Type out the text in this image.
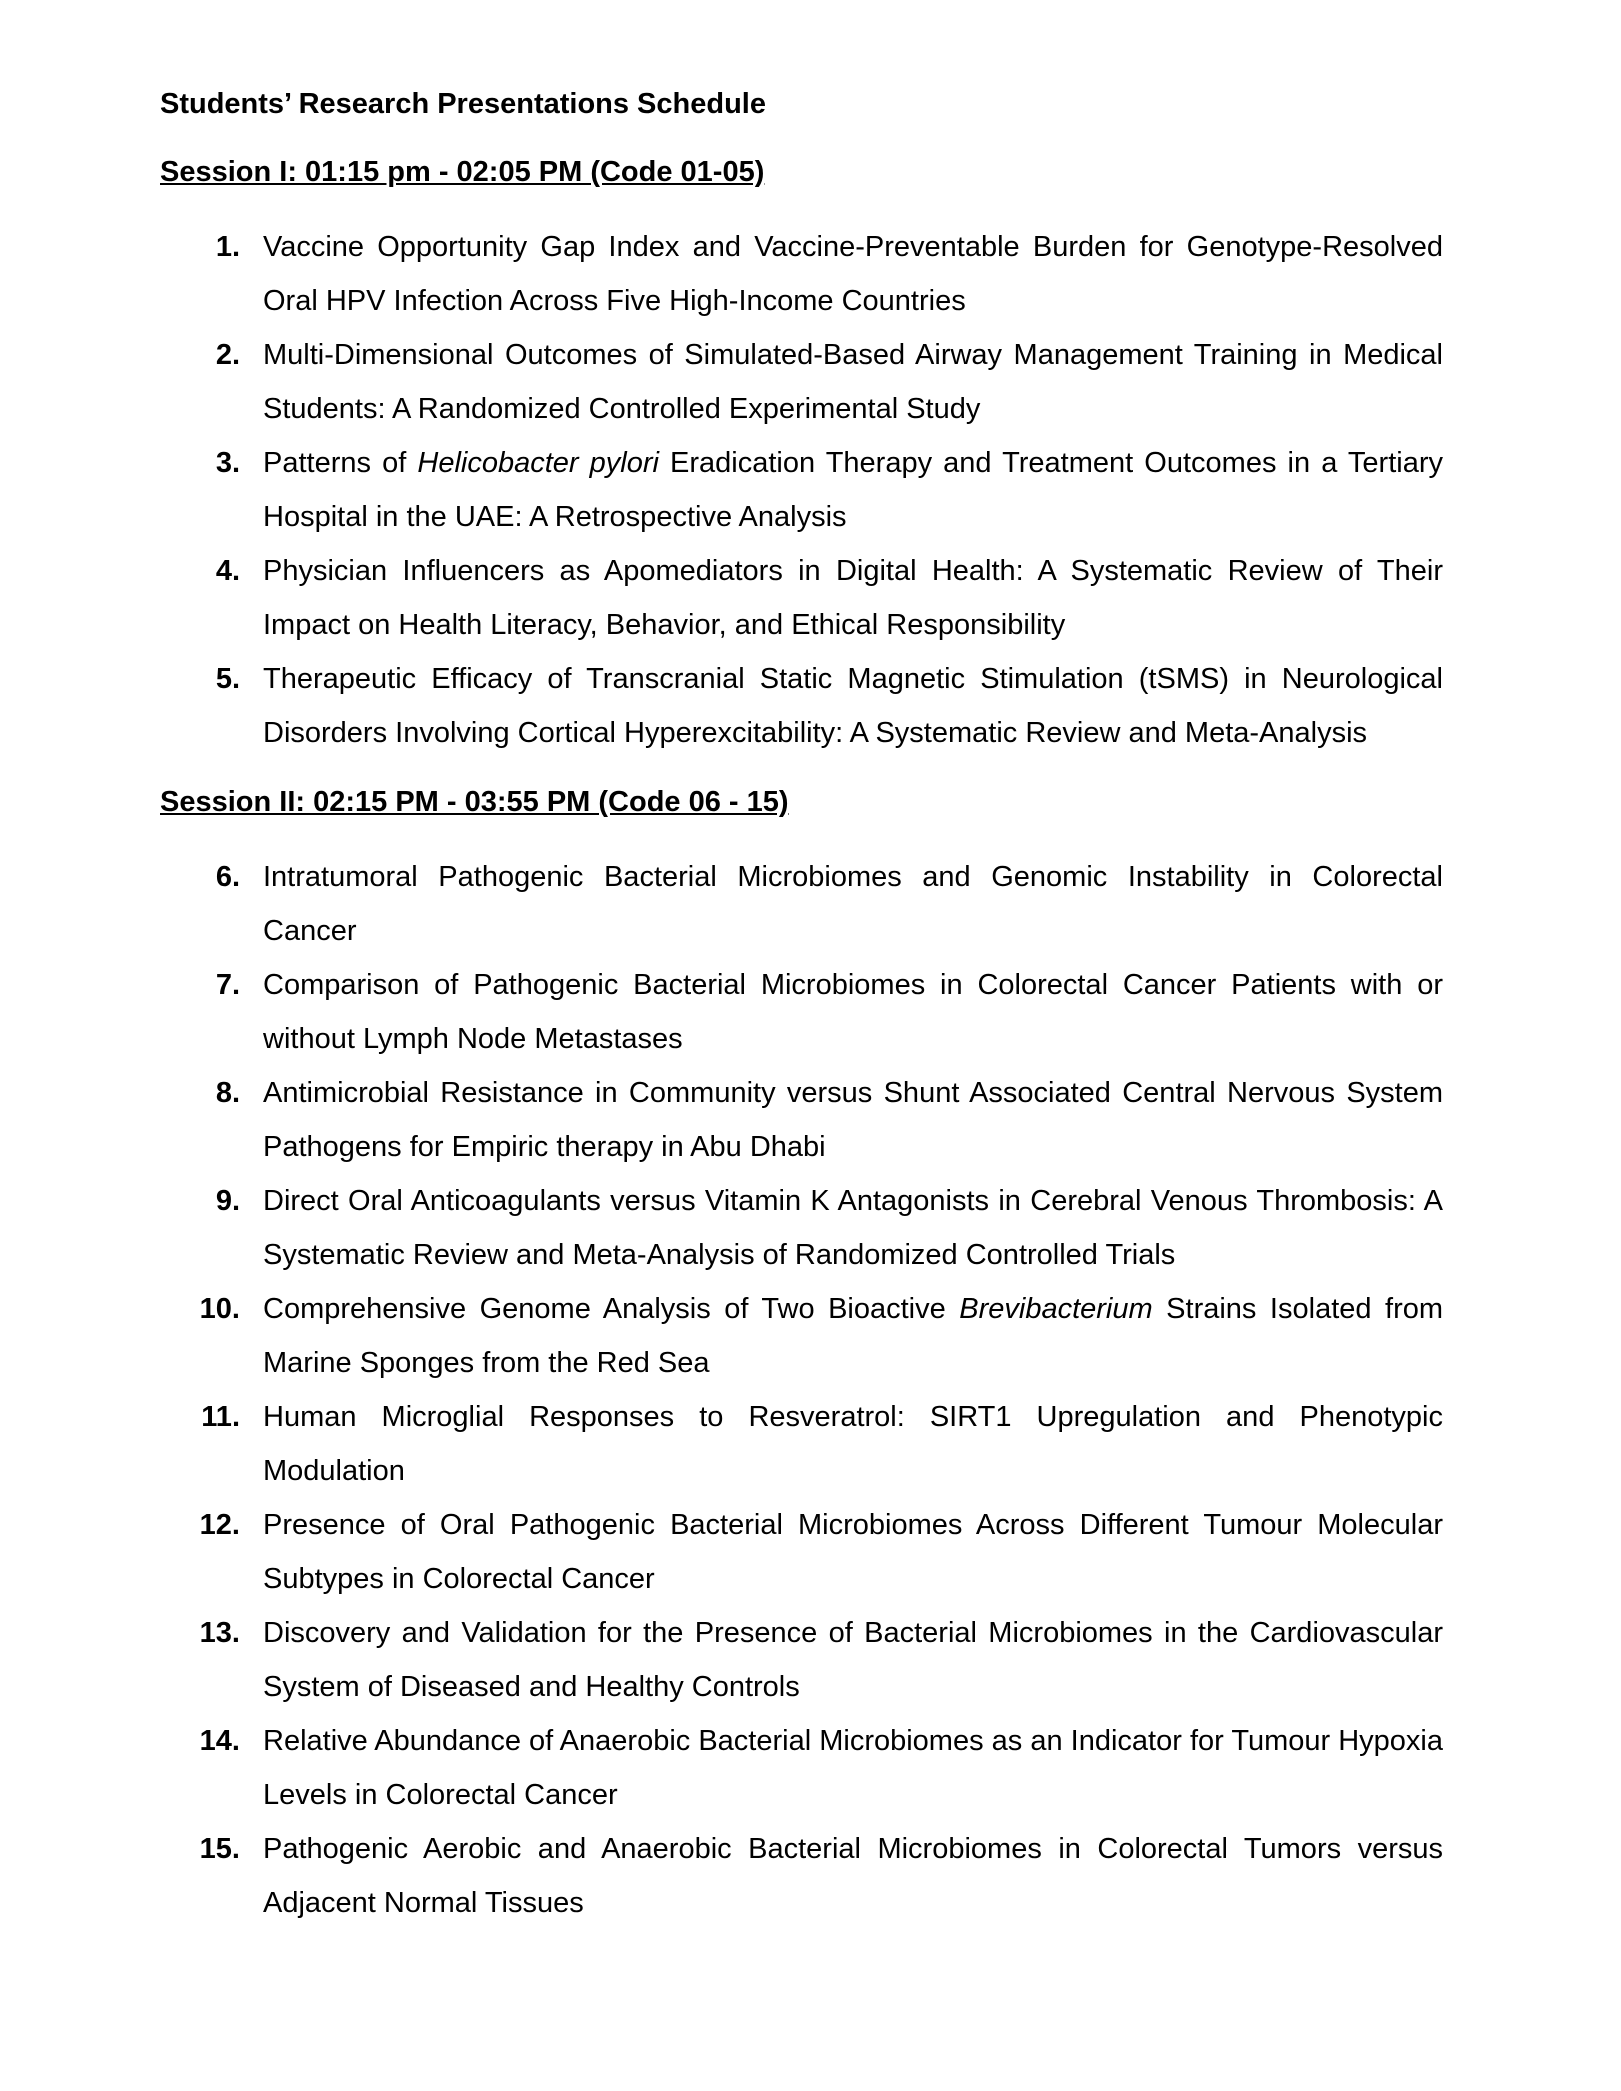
Students’ Research Presentations Schedule
Session I: 01:15 pm - 02:05 PM (Code 01-05)
1. Vaccine Opportunity Gap Index and Vaccine-Preventable Burden for Genotype-Resolved Oral HPV Infection Across Five High-Income Countries
2. Multi-Dimensional Outcomes of Simulated-Based Airway Management Training in Medical Students: A Randomized Controlled Experimental Study
3. Patterns of Helicobacter pylori Eradication Therapy and Treatment Outcomes in a Tertiary Hospital in the UAE: A Retrospective Analysis
4. Physician Influencers as Apomediators in Digital Health: A Systematic Review of Their Impact on Health Literacy, Behavior, and Ethical Responsibility
5. Therapeutic Efficacy of Transcranial Static Magnetic Stimulation (tSMS) in Neurological Disorders Involving Cortical Hyperexcitability: A Systematic Review and Meta-Analysis
Session II: 02:15 PM - 03:55 PM (Code 06 - 15)
6. Intratumoral Pathogenic Bacterial Microbiomes and Genomic Instability in Colorectal Cancer
7. Comparison of Pathogenic Bacterial Microbiomes in Colorectal Cancer Patients with or without Lymph Node Metastases
8. Antimicrobial Resistance in Community versus Shunt Associated Central Nervous System Pathogens for Empiric therapy in Abu Dhabi
9. Direct Oral Anticoagulants versus Vitamin K Antagonists in Cerebral Venous Thrombosis: A Systematic Review and Meta-Analysis of Randomized Controlled Trials
10. Comprehensive Genome Analysis of Two Bioactive Brevibacterium Strains Isolated from Marine Sponges from the Red Sea
11. Human Microglial Responses to Resveratrol: SIRT1 Upregulation and Phenotypic Modulation
12. Presence of Oral Pathogenic Bacterial Microbiomes Across Different Tumour Molecular Subtypes in Colorectal Cancer
13. Discovery and Validation for the Presence of Bacterial Microbiomes in the Cardiovascular System of Diseased and Healthy Controls
14. Relative Abundance of Anaerobic Bacterial Microbiomes as an Indicator for Tumour Hypoxia Levels in Colorectal Cancer
15. Pathogenic Aerobic and Anaerobic Bacterial Microbiomes in Colorectal Tumors versus Adjacent Normal Tissues
